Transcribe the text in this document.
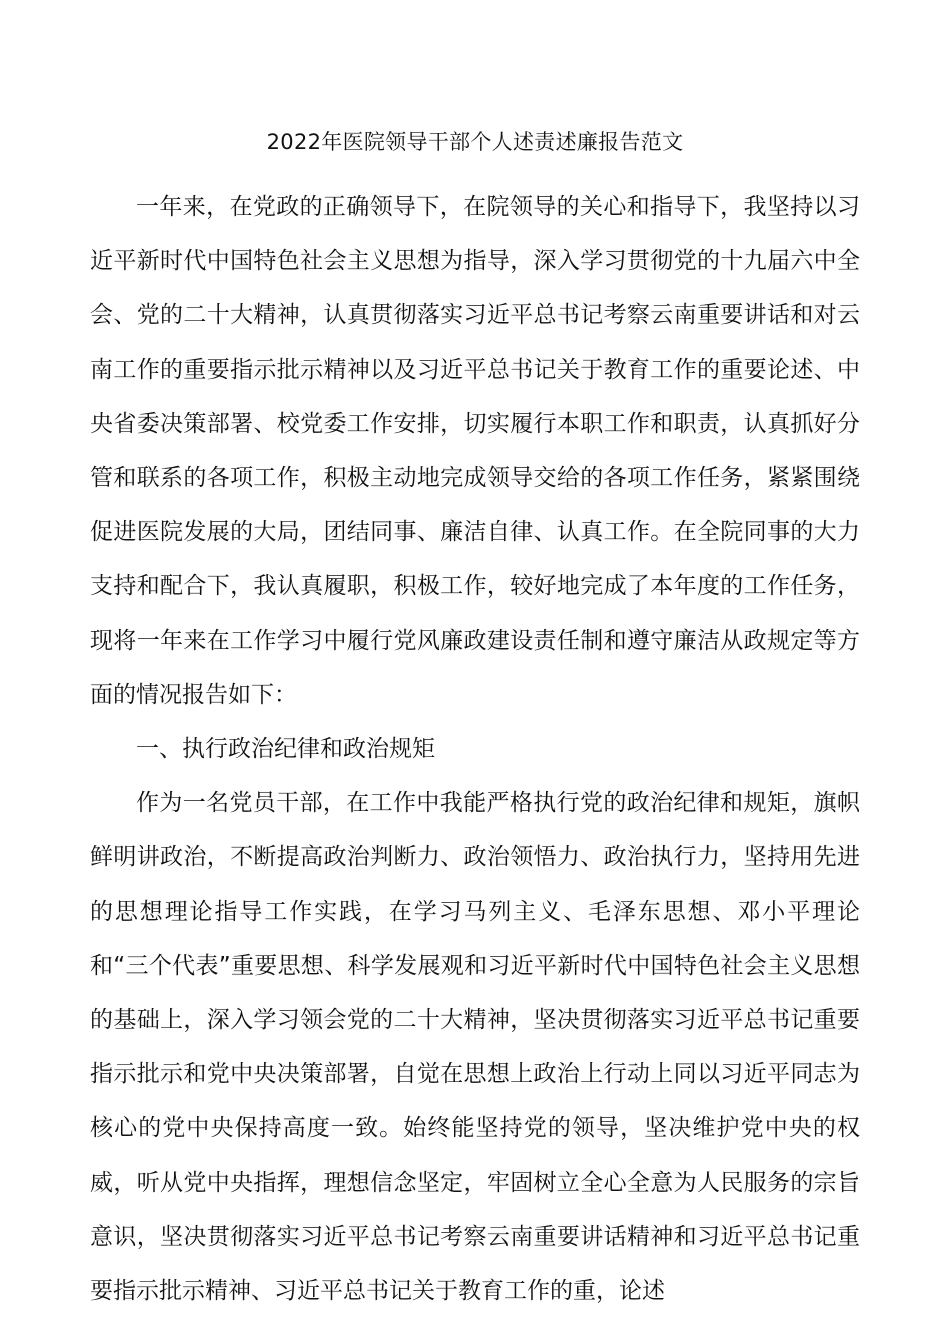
2022年医院领导干部个人述责述廉报告范文

一年来，在党政的正确领导下，在院领导的关心和指导下，我坚持以习近平新时代中国特色社会主义思想为指导，深入学习贯彻党的十九届六中全会、党的二十大精神，认真贯彻落实习近平总书记考察云南重要讲话和对云南工作的重要指示批示精神以及习近平总书记关于教育工作的重要论述、中央省委决策部署、校党委工作安排，切实履行本职工作和职责，认真抓好分管和联系的各项工作，积极主动地完成领导交给的各项工作任务，紧紧围绕促进医院发展的大局，团结同事、廉洁自律、认真工作。在全院同事的大力支持和配合下，我认真履职，积极工作，较好地完成了本年度的工作任务，现将一年来在工作学习中履行党风廉政建设责任制和遵守廉洁从政规定等方面的情况报告如下：

一、执行政治纪律和政治规矩

作为一名党员干部，在工作中我能严格执行党的政治纪律和规矩，旗帜鲜明讲政治，不断提高政治判断力、政治领悟力、政治执行力，坚持用先进的思想理论指导工作实践，在学习马列主义、毛泽东思想、邓小平理论和“三个代表”重要思想、科学发展观和习近平新时代中国特色社会主义思想的基础上，深入学习领会党的二十大精神，坚决贯彻落实习近平总书记重要指示批示和党中央决策部署，自觉在思想上政治上行动上同以习近平同志为核心的党中央保持高度一致。始终能坚持党的领导，坚决维护党中央的权威，听从党中央指挥，理想信念坚定，牢固树立全心全意为人民服务的宗旨意识，坚决贯彻落实习近平总书记考察云南重要讲话精神和习近平总书记重要指示批示精神、习近平总书记关于教育工作的重，论述
